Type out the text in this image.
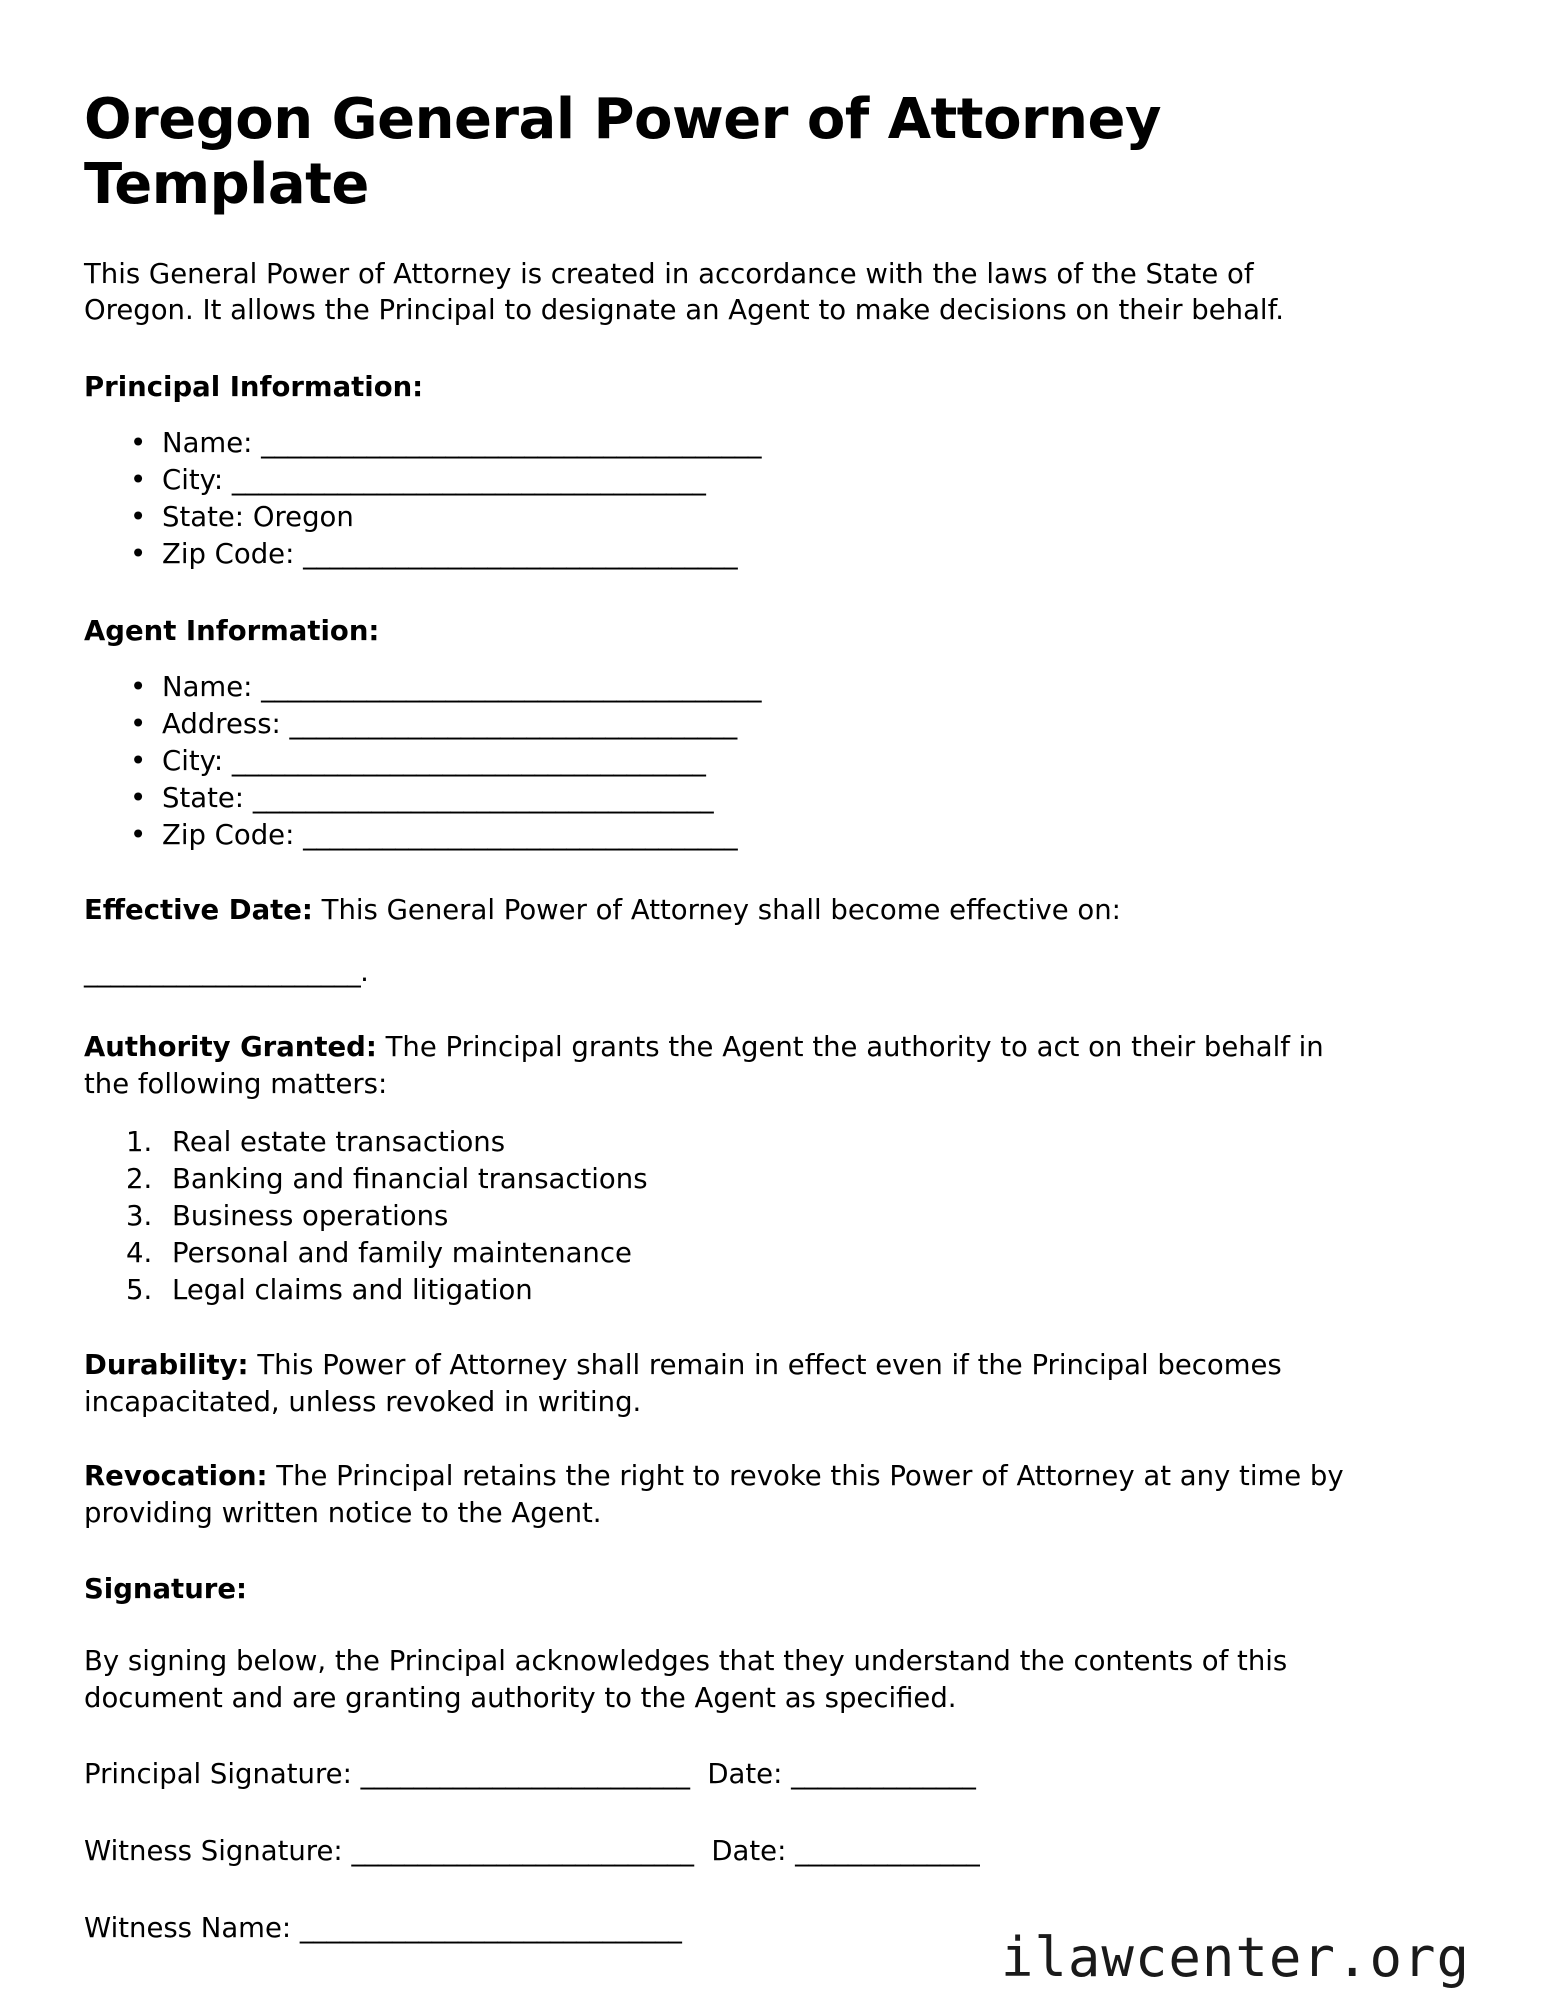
Oregon General Power of Attorney Template

This General Power of Attorney is created in accordance with the laws of the State of Oregon. It allows the Principal to designate an Agent to make decisions on their behalf.

Principal Information:
• Name: ______________________________________
• City: ____________________________________
• State: Oregon
• Zip Code: _________________________________
Agent Information:
• Name: ______________________________________
• Address: __________________________________
• City: ____________________________________
• State: ___________________________________
• Zip Code: _________________________________

Effective Date: This General Power of Attorney shall become effective on:

_____________________.

Authority Granted: The Principal grants the Agent the authority to act on their behalf in the following matters:

Real estate transactions
Banking and financial transactions
Business operations
Personal and family maintenance
Legal claims and litigation

Durability: This Power of Attorney shall remain in effect even if the Principal becomes incapacitated, unless revoked in writing.

Revocation: The Principal retains the right to revoke this Power of Attorney at any time by providing written notice to the Agent.

Signature:

By signing below, the Principal acknowledges that they understand the contents of this document and are granting authority to the Agent as specified.

Principal Signature: _________________________ Date: ______________
Witness Signature: __________________________ Date: ______________
Witness Name: _____________________________	ilawcenter.org
